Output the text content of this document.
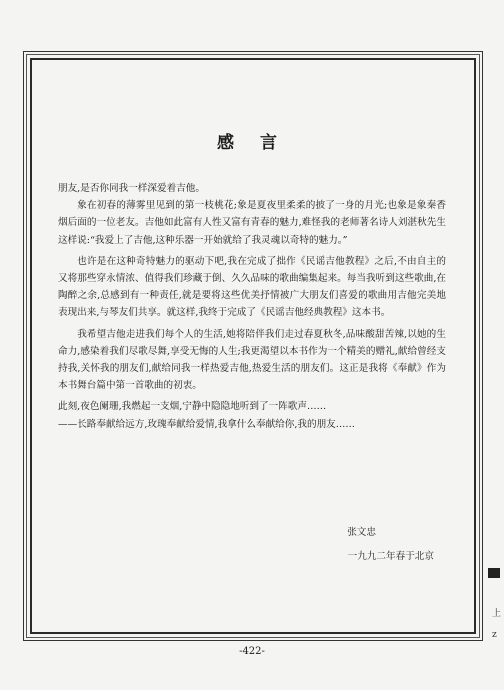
感 言

朋友,是否你同我一样深爱着吉他。

象在初春的薄雾里见到的第一枝桃花;象是夏夜里柔柔的披了一身的月光;也象是象秦香烟后面的一位老友。吉他如此富有人性又富有青春的魅力,难怪我的老师著名诗人刘湛秋先生这样说:“我爱上了吉他,这种乐器一开始就给了我灵魂以奇特的魅力。”

也许是在这种奇特魅力的驱动下吧,我在完成了拙作《民谣吉他教程》之后,不由自主的又将那些穿永情浓、值得我们珍藏于倒、久久品味的歌曲编集起来。每当我听到这些歌曲,在陶醉之余,总感到有一种责任,就是要将这些优美抒情被广大朋友们喜爱的歌曲用吉他完美地表现出来,与琴友们共享。就这样,我终于完成了《民谣吉他经典教程》这本书。

我希望吉他走进我们每个人的生活,她将陪伴我们走过春夏秋冬,品味酸甜苦辣,以她的生命力,感染着我们尽歌尽舞,享受无悔的人生;我更渴望以本书作为一个精美的赠礼,献给曾经支持我,关怀我的朋友们,献给同我一样热爱吉他,热爱生活的朋友们。这正是我将《奉献》作为本书舞台篇中第一首歌曲的初衷。

此刻,夜色阑珊,我燃起一支烟,宁静中隐隐地听到了一阵歌声……

——长路奉献给远方,玫瑰奉献给爱情,我拿什么奉献给你,我的朋友……

张文忠
一九九二年春于北京
-422-
上
z
